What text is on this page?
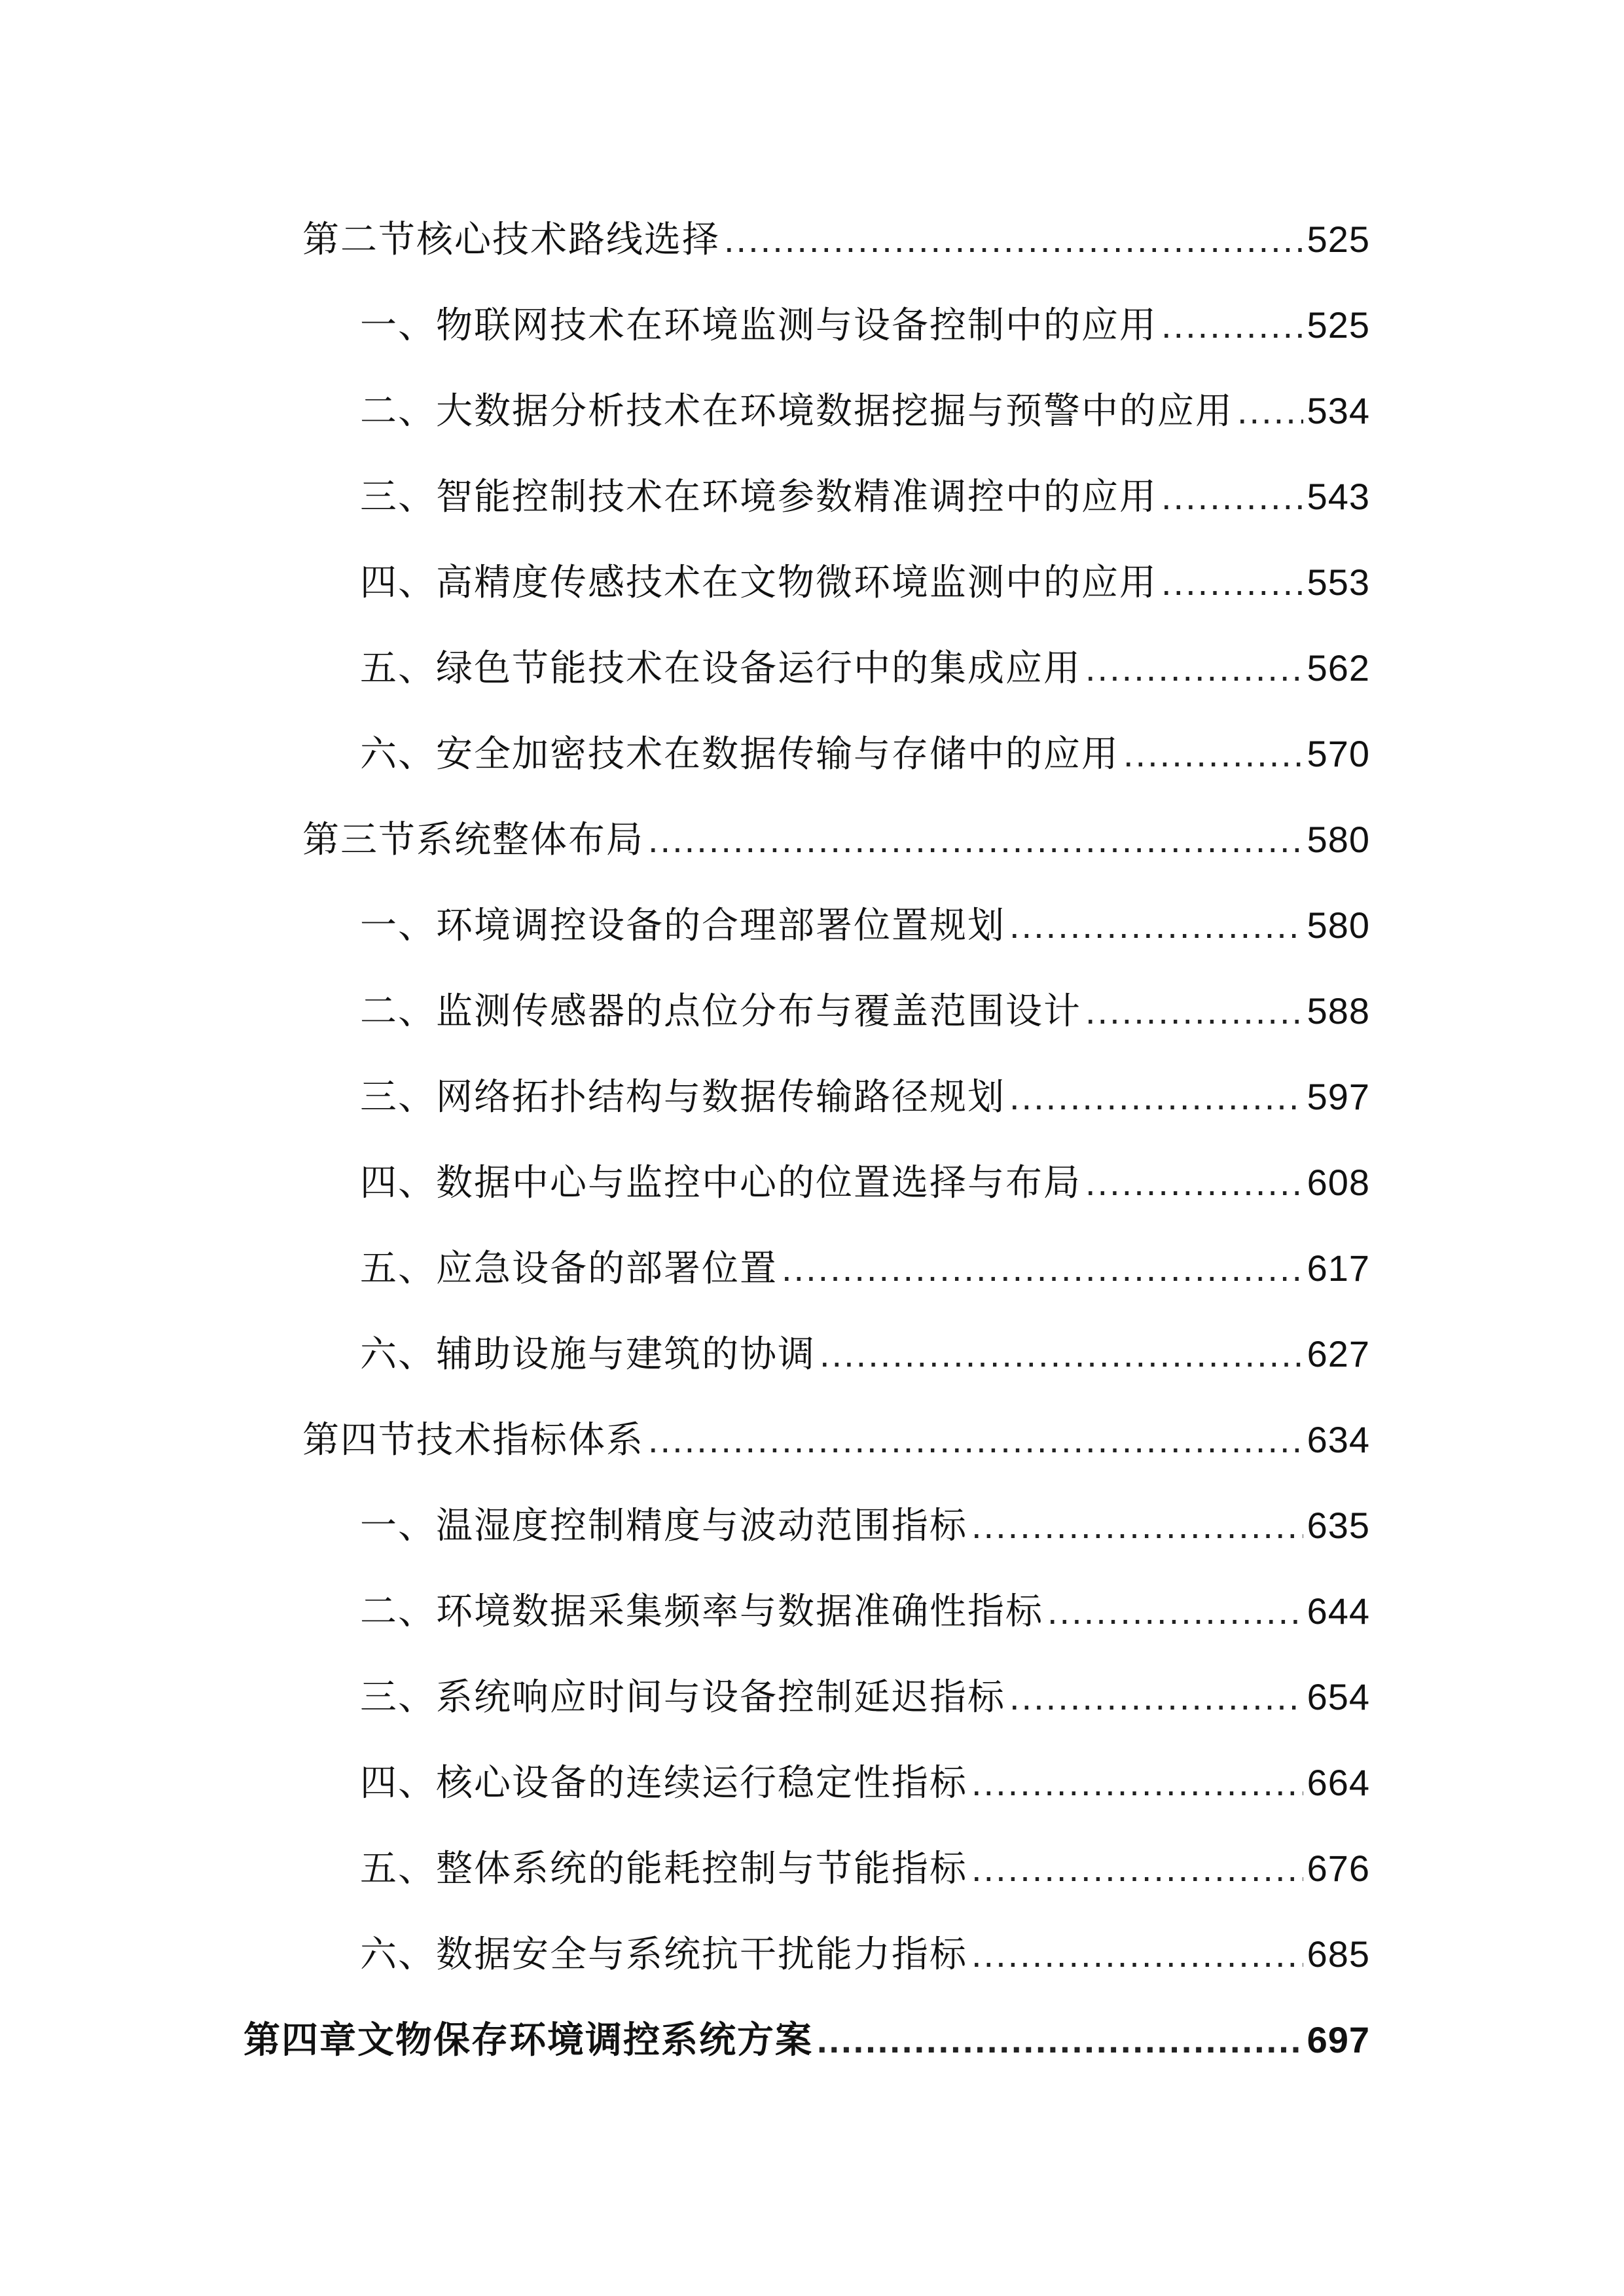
第二节核心技术路线选择 .....	525
一、物联网技术在环境监测与设备控制中的应用 .....	525
二、大数据分析技术在环境数据挖掘与预警中的应用 ..... 534
三、智能控制技术在环境参数精准调控中的应用 .....	543
四、高精度传感技术在文物微环境监测中的应用 .....	553
五、绿色节能技术在设备运行中的集成应用 .....	562
六、安全加密技术在数据传输与存储中的应用 .....	570
第三节系统整体布局 .....	580
一、环境调控设备的合理部署位置规划 .....	580
二、监测传感器的点位分布与覆盖范围设计 .....	588
三、网络拓扑结构与数据传输路径规划 .....	597
四、数据中心与监控中心的位置选择与布局 .....	608
五、应急设备的部署位置 .....	617
六、辅助设施与建筑的协调 .....	627
第四节技术指标体系 .....	634
一、温湿度控制精度与波动范围指标 .....	635
二、环境数据采集频率与数据准确性指标 .....	644
三、系统响应时间与设备控制延迟指标 .....	654
四、核心设备的连续运行稳定性指标 .....	664
五、整体系统的能耗控制与节能指标 .....	676
六、数据安全与系统抗干扰能力指标 .....	685
第四章文物保存环境调控系统方案 .....	697
